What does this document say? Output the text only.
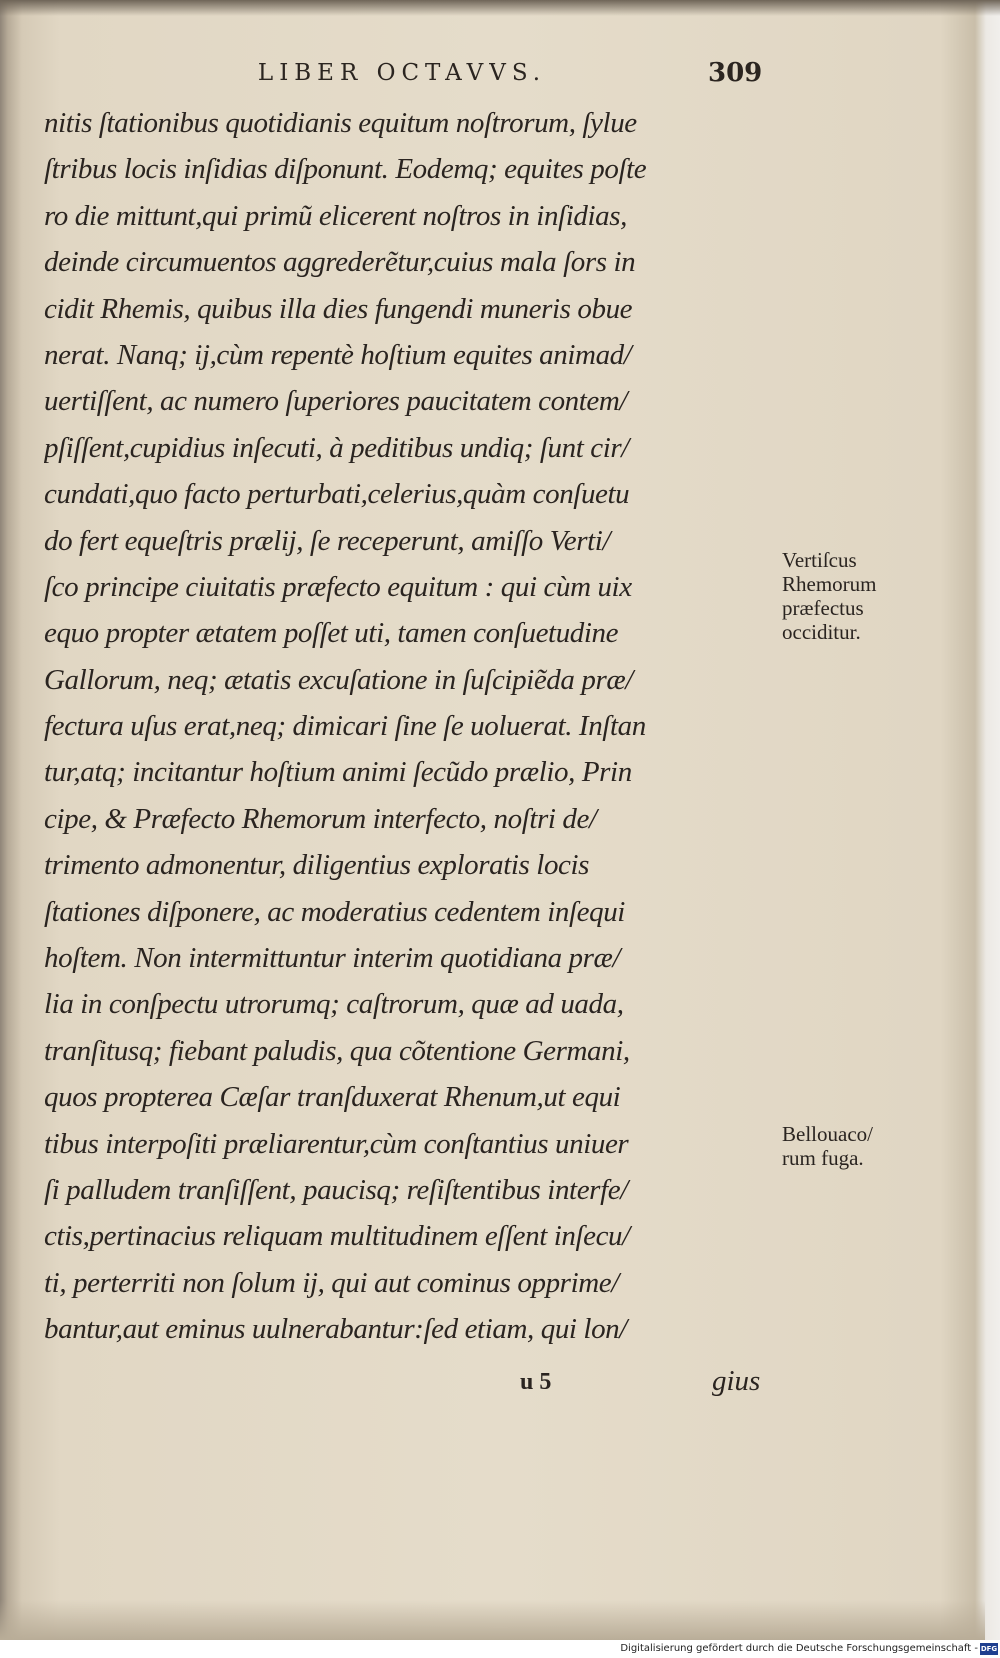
LIBER OCTAVVS.	309
nitis ſtationibus quotidianis equitum noſtrorum, ſylue
ſtribus locis inſidias diſponunt. Eodemq; equites poſte
ro die mittunt,qui primũ elicerent noſtros in inſidias,
deinde circumuentos aggrederẽtur,cuius mala ſors in
cidit Rhemis, quibus illa dies fungendi muneris obue
nerat. Nanq; ij,cùm repentè hoſtium equites animad/
uertiſſent, ac numero ſuperiores paucitatem contem/
pſiſſent,cupidius inſecuti, à peditibus undiq; ſunt cir/
cundati,quo facto perturbati,celerius,quàm conſuetu
do fert equeſtris prælij, ſe receperunt, amiſſo Verti/
ſco principe ciuitatis præfecto equitum : qui cùm uix
equo propter ætatem poſſet uti, tamen conſuetudine
Gallorum, neq; ætatis excuſatione in ſuſcipiẽda præ/
fectura uſus erat,neq; dimicari ſine ſe uoluerat. Inſtan
tur,atq; incitantur hoſtium animi ſecũdo prælio, Prin
cipe, & Præfecto Rhemorum interfecto, noſtri de/
trimento admonentur, diligentius exploratis locis
ſtationes diſponere, ac moderatius cedentem inſequi
hoſtem. Non intermittuntur interim quotidiana præ/
lia in conſpectu utrorumq; caſtrorum, quæ ad uada,
tranſitusq; fiebant paludis, qua cõtentione Germani,
quos propterea Cæſar tranſduxerat Rhenum,ut equi
tibus interpoſiti præliarentur,cùm conſtantius uniuer
ſi palludem tranſiſſent, paucisq; reſiſtentibus interfe/
ctis,pertinacius reliquam multitudinem eſſent inſecu/
ti, perterriti non ſolum ij, qui aut cominus opprime/
bantur,aut eminus uulnerabantur:ſed etiam, qui lon/
u 5	gius
Vertiſcus
Rhemorum
præfectus
occiditur.
Bellouaco/
rum fuga.
Digitalisierung gefördert durch die Deutsche Forschungsgemeinschaft - DFG
